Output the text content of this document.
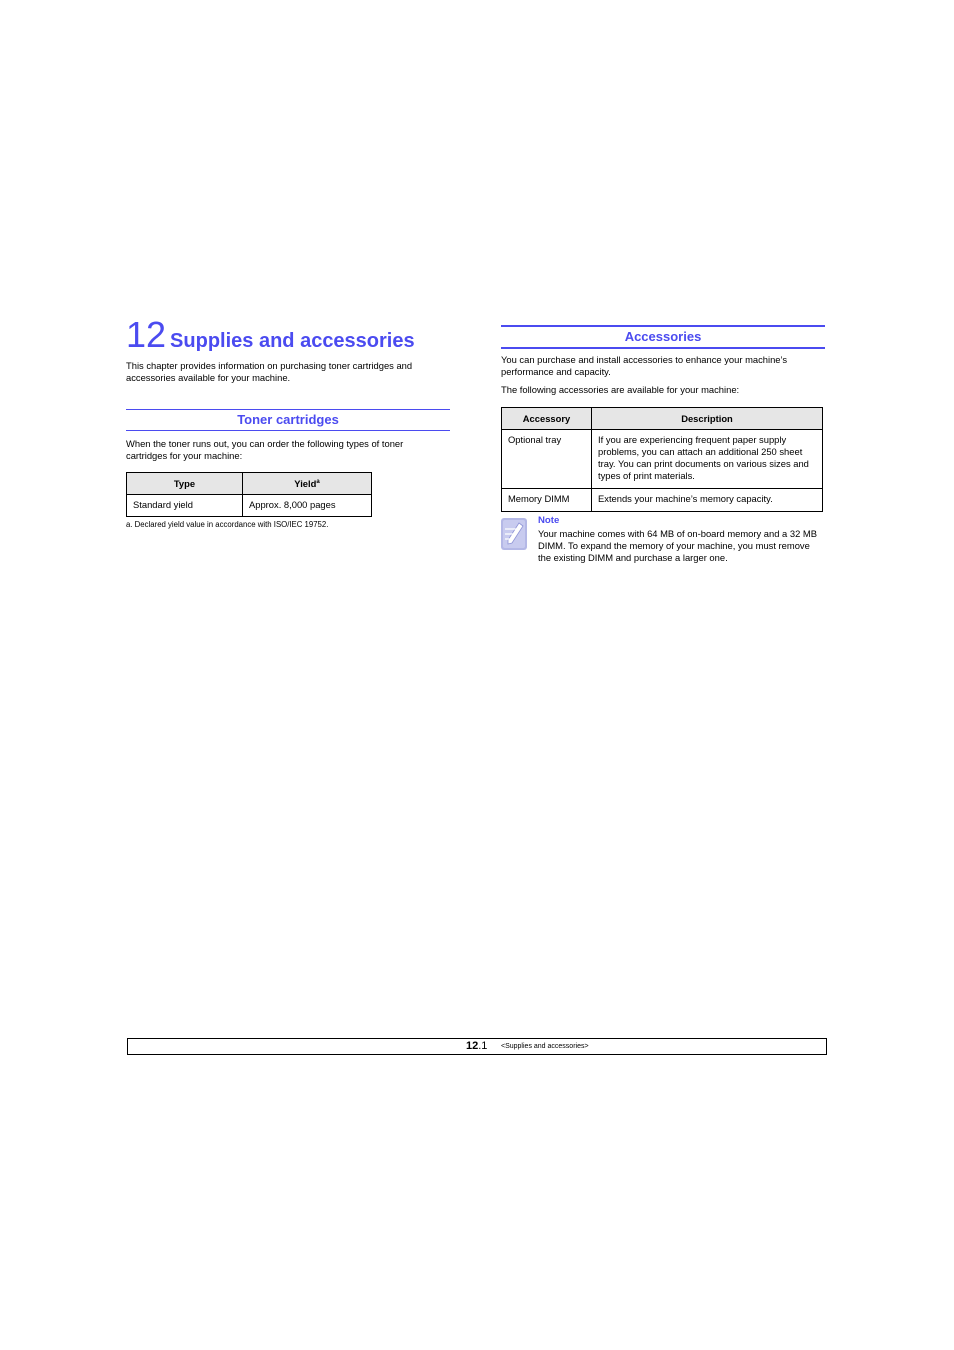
12 Supplies and accessories

This chapter provides information on purchasing toner cartridges and accessories available for your machine.

Toner cartridges

When the toner runs out, you can order the following types of toner cartridges for your machine:

Type	Yield$^a$
Standard yield	Approx. 8,000 pages

a. Declared yield value in accordance with ISO/IEC 19752.

Accessories

You can purchase and install accessories to enhance your machine’s performance and capacity.

The following accessories are available for your machine:

Accessory	Description
Optional tray	If you are experiencing frequent paper supply problems, you can attach an additional 250 sheet tray. You can print documents on various sizes and types of print materials.
Memory DIMM	Extends your machine’s memory capacity.

Note

Your machine comes with 64 MB of on-board memory and a 32 MB DIMM. To expand the memory of your machine, you must remove the existing DIMM and purchase a larger one.

12.1 <Supplies and accessories>
